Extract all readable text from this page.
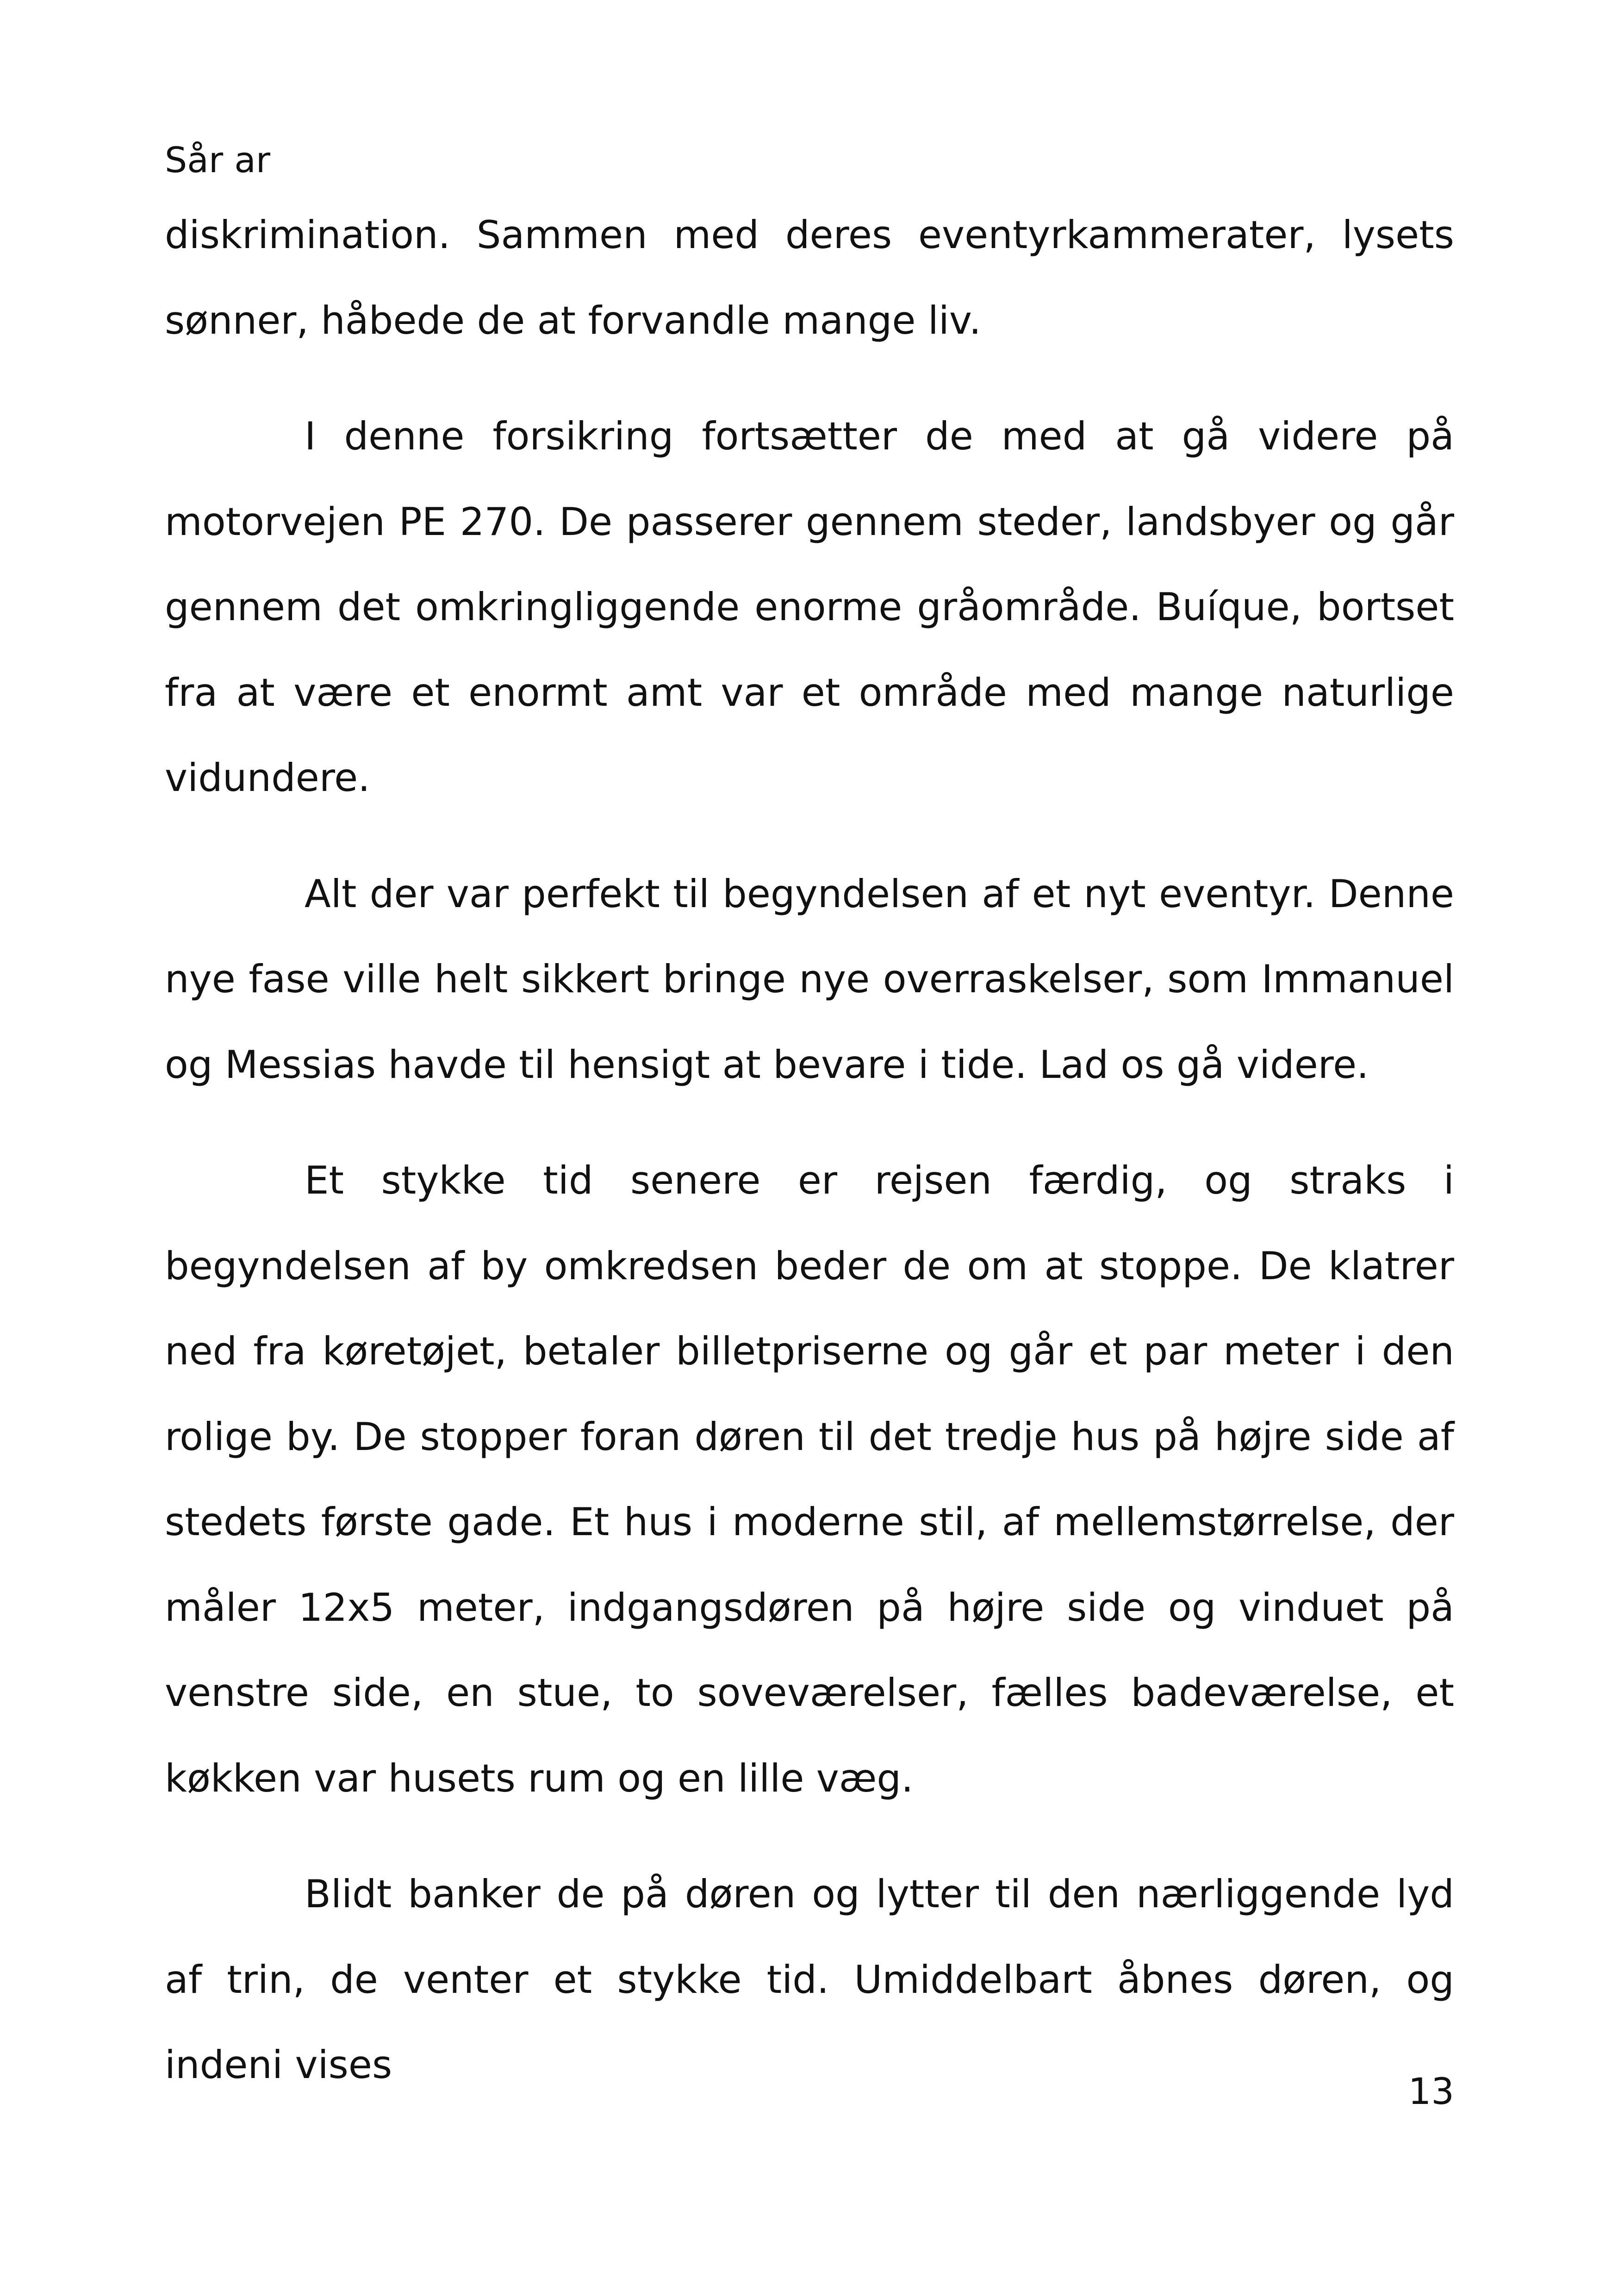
Sår ar

diskrimination. Sammen med deres eventyrkammerater, lysets sønner, håbede de at forvandle mange liv.

I denne forsikring fortsætter de med at gå videre på motorvejen PE 270. De passerer gennem steder, landsbyer og går gennem det omkringliggende enorme gråområde. Buíque, bortset fra at være et enormt amt var et område med mange naturlige vidundere.

Alt der var perfekt til begyndelsen af et nyt eventyr. Denne nye fase ville helt sikkert bringe nye overraskelser, som Immanuel og Messias havde til hensigt at bevare i tide. Lad os gå videre.

Et stykke tid senere er rejsen færdig, og straks i begyndelsen af by omkredsen beder de om at stoppe. De klatrer ned fra køretøjet, betaler billetpriserne og går et par meter i den rolige by. De stopper foran døren til det tredje hus på højre side af stedets første gade. Et hus i moderne stil, af mellemstørrelse, der måler 12x5 meter, indgangsdøren på højre side og vinduet på venstre side, en stue, to soveværelser, fælles badeværelse, et køkken var husets rum og en lille væg.

Blidt banker de på døren og lytter til den nærliggende lyd af trin, de venter et stykke tid. Umiddelbart åbnes døren, og indeni vises

13
